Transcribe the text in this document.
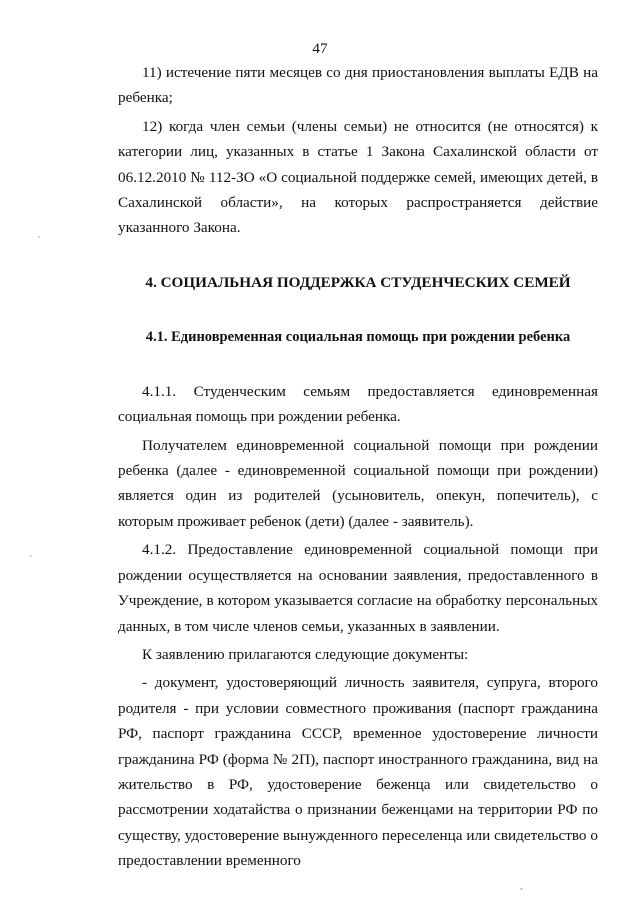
47

11) истечение пяти месяцев со дня приостановления выплаты ЕДВ на ребенка;

12) когда член семьи (члены семьи) не относится (не относятся) к категории лиц, указанных в статье 1 Закона Сахалинской области от 06.12.2010 № 112-ЗО «О социальной поддержке семей, имеющих детей, в Сахалинской области», на которых распространяется действие указанного Закона.

4. СОЦИАЛЬНАЯ ПОДДЕРЖКА СТУДЕНЧЕСКИХ СЕМЕЙ
4.1. Единовременная социальная помощь при рождении ребенка

4.1.1. Студенческим семьям предоставляется единовременная социальная помощь при рождении ребенка.

Получателем единовременной социальной помощи при рождении ребенка (далее - единовременной социальной помощи при рождении) является один из родителей (усыновитель, опекун, попечитель), с которым проживает ребенок (дети) (далее - заявитель).

4.1.2. Предоставление единовременной социальной помощи при рождении осуществляется на основании заявления, предоставленного в Учреждение, в котором указывается согласие на обработку персональных данных, в том числе членов семьи, указанных в заявлении.

К заявлению прилагаются следующие документы:

- документ, удостоверяющий личность заявителя, супруга, второго родителя - при условии совместного проживания (паспорт гражданина РФ, паспорт гражданина СССР, временное удостоверение личности гражданина РФ (форма № 2П), паспорт иностранного гражданина, вид на жительство в РФ, удостоверение беженца или свидетельство о рассмотрении ходатайства о признании беженцами на территории РФ по существу, удостоверение вынужденного переселенца или свидетельство о предоставлении временного
